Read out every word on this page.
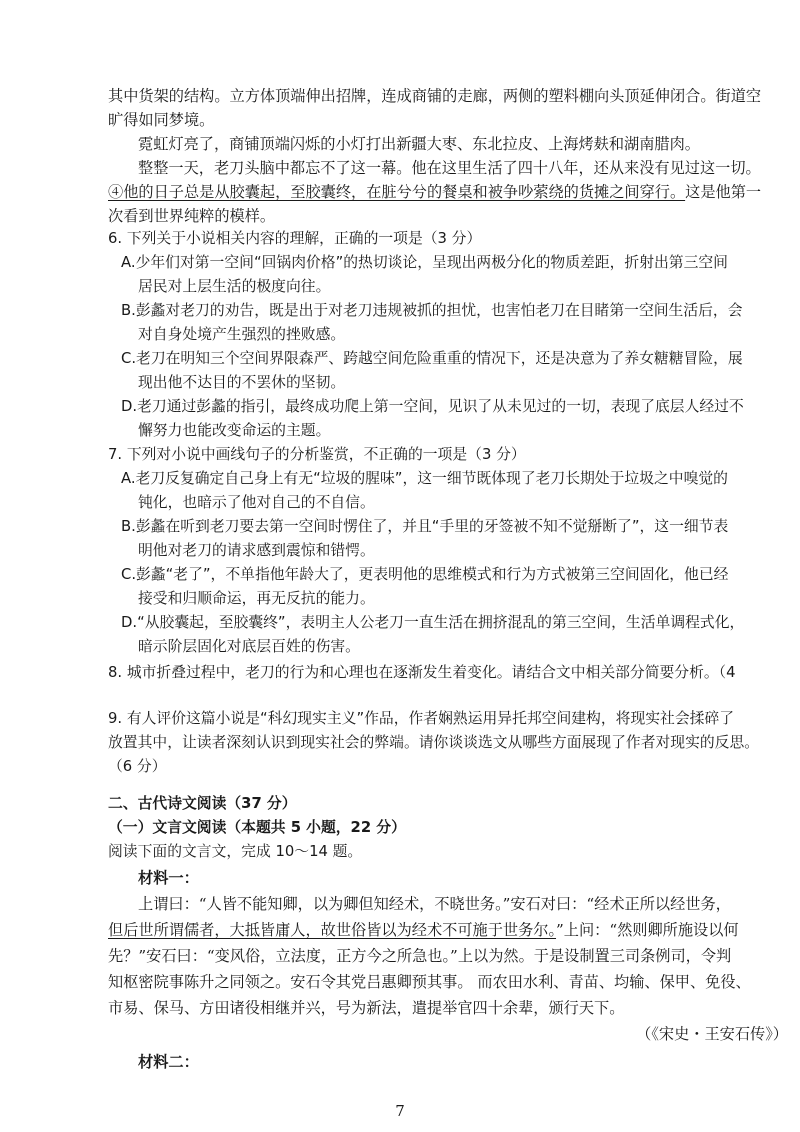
其中货架的结构。立方体顶端伸出招牌，连成商铺的走廊，两侧的塑料棚向头顶延伸闭合。街道空
旷得如同梦境。
霓虹灯亮了，商铺顶端闪烁的小灯打出新疆大枣、东北拉皮、上海烤麸和湖南腊肉。
整整一天，老刀头脑中都忘不了这一幕。他在这里生活了四十八年，还从来没有见过这一切。
④他的日子总是从胶囊起，至胶囊终，在脏兮兮的餐桌和被争吵萦绕的货摊之间穿行。这是他第一
次看到世界纯粹的模样。
6. 下列关于小说相关内容的理解，正确的一项是（3 分）
A.少年们对第一空间“回锅肉价格”的热切谈论，呈现出两极分化的物质差距，折射出第三空间
居民对上层生活的极度向往。
B.彭蠡对老刀的劝告，既是出于对老刀违规被抓的担忧，也害怕老刀在目睹第一空间生活后，会
对自身处境产生强烈的挫败感。
C.老刀在明知三个空间界限森严、跨越空间危险重重的情况下，还是决意为了养女糖糖冒险，展
现出他不达目的不罢休的坚韧。
D.老刀通过彭蠡的指引，最终成功爬上第一空间，见识了从未见过的一切，表现了底层人经过不
懈努力也能改变命运的主题。
7. 下列对小说中画线句子的分析鉴赏，不正确的一项是（3 分）
A.老刀反复确定自己身上有无“垃圾的腥味”，这一细节既体现了老刀长期处于垃圾之中嗅觉的
钝化，也暗示了他对自己的不自信。
B.彭蠡在听到老刀要去第一空间时愣住了，并且“手里的牙签被不知不觉掰断了”，这一细节表
明他对老刀的请求感到震惊和错愕。
C.彭蠡“老了”，不单指他年龄大了，更表明他的思维模式和行为方式被第三空间固化，他已经
接受和归顺命运，再无反抗的能力。
D.“从胶囊起，至胶囊终”，表明主人公老刀一直生活在拥挤混乱的第三空间，生活单调程式化，
暗示阶层固化对底层百姓的伤害。
8. 城市折叠过程中，老刀的行为和心理也在逐渐发生着变化。请结合文中相关部分简要分析。（4
9. 有人评价这篇小说是“科幻现实主义”作品，作者娴熟运用异托邦空间建构，将现实社会揉碎了
放置其中，让读者深刻认识到现实社会的弊端。请你谈谈选文从哪些方面展现了作者对现实的反思。
（6 分）
二、古代诗文阅读（37 分）
（一）文言文阅读（本题共 5 小题，22 分）
阅读下面的文言文，完成 10～14 题。
材料一：
上谓曰：“人皆不能知卿，以为卿但知经术，不晓世务。”安石对曰：“经术正所以经世务，
但后世所谓儒者，大抵皆庸人，故世俗皆以为经术不可施于世务尔。”上问：“然则卿所施设以何
先？”安石曰：“变风俗，立法度，正方今之所急也。”上以为然。于是设制置三司条例司，令判
知枢密院事陈升之同领之。安石令其党吕惠卿预其事。 而农田水利、青苗、均输、保甲、免役、
市易、保马、方田诸役相继并兴，号为新法，遣提举官四十余辈，颁行天下。
（《宋史・王安石传》）
材料二：
7
